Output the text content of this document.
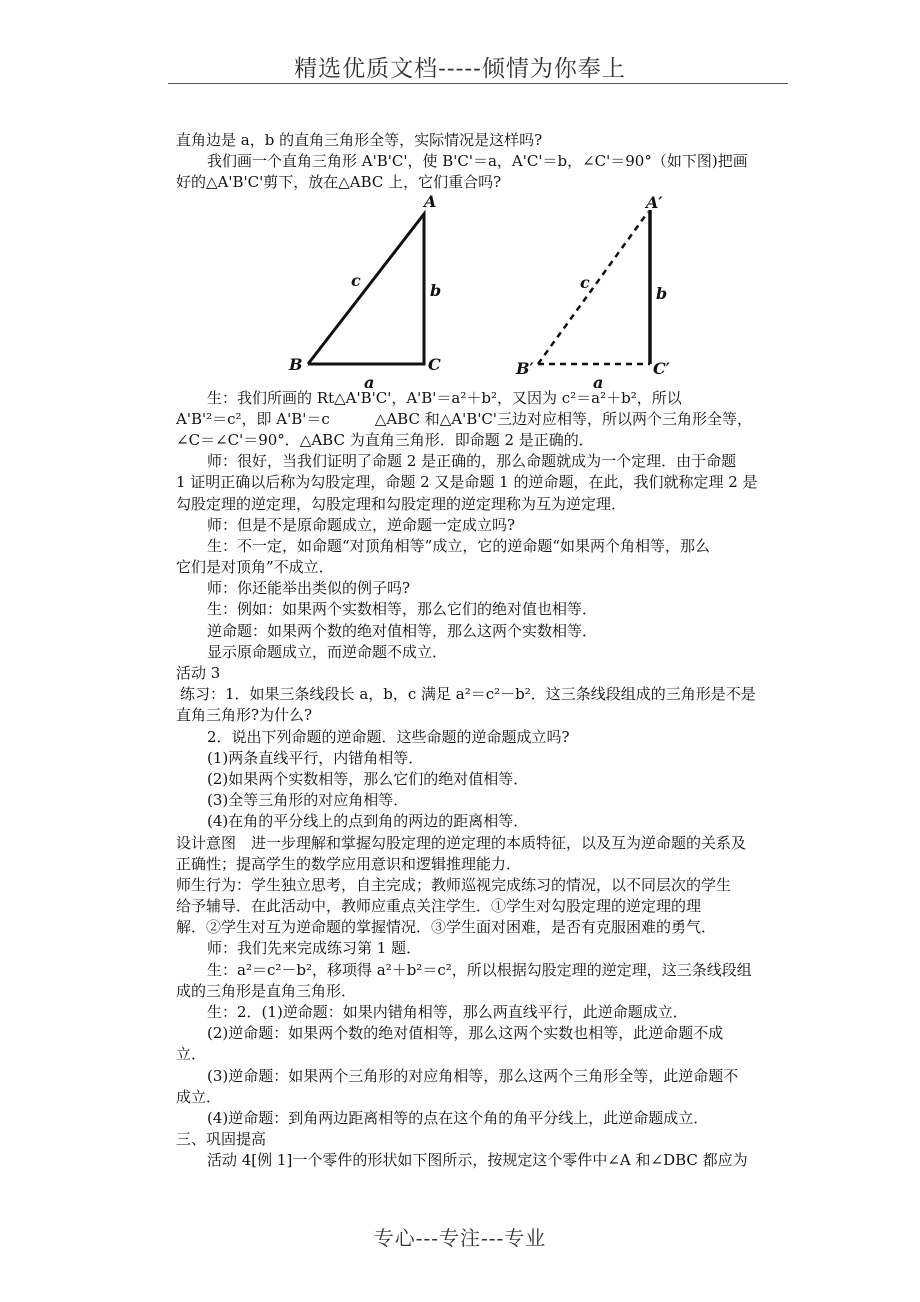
精选优质文档-----倾情为你奉上
直角边是 a，b 的直角三角形全等，实际情况是这样吗?
我们画一个直角三角形 A'B'C'，使 B'C'＝a，A'C'＝b，∠C'＝90°（如下图)把画
好的△A'B'C'剪下，放在△ABC 上，它们重合吗?
A
B	C
a
b
c
A′
B′	C′
a
b
c
生：我们所画的 Rt△A'B'C'，A'B'＝a²＋b²，又因为 c²＝a²＋b²，所以
A'B'²＝c²，即 A'B'＝c　　　△ABC 和△A'B'C'三边对应相等，所以两个三角形全等，
∠C＝∠C'＝90°．△ABC 为直角三角形．即命题 2 是正确的．
师：很好，当我们证明了命题 2 是正确的，那么命题就成为一个定理．由于命题
1 证明正确以后称为勾股定理，命题 2 又是命题 1 的逆命题，在此，我们就称定理 2 是
勾股定理的逆定理，勾股定理和勾股定理的逆定理称为互为逆定理．
师：但是不是原命题成立，逆命题一定成立吗?
生：不一定，如命题“对顶角相等”成立，它的逆命题“如果两个角相等，那么
它们是对顶角”不成立．
师：你还能举出类似的例子吗?
生：例如：如果两个实数相等，那么它们的绝对值也相等．
逆命题：如果两个数的绝对值相等，那么这两个实数相等．
显示原命题成立，而逆命题不成立．
活动 3
练习：1．如果三条线段长 a，b，c 满足 a²＝c²－b²．这三条线段组成的三角形是不是
直角三角形?为什么?
2．说出下列命题的逆命题．这些命题的逆命题成立吗?
(1)两条直线平行，内错角相等．
(2)如果两个实数相等，那么它们的绝对值相等．
(3)全等三角形的对应角相等．
(4)在角的平分线上的点到角的两边的距离相等．
设计意图　进一步理解和掌握勾股定理的逆定理的本质特征，以及互为逆命题的关系及
正确性；提高学生的数学应用意识和逻辑推理能力．
师生行为：学生独立思考，自主完成；教师巡视完成练习的情况，以不同层次的学生
给予辅导．在此活动中，教师应重点关注学生．①学生对勾股定理的逆定理的理
解．②学生对互为逆命题的掌握情况．③学生面对困难，是否有克服困难的勇气．
师：我们先来完成练习第 1 题．
生：a²＝c²－b²，移项得 a²＋b²＝c²，所以根据勾股定理的逆定理，这三条线段组
成的三角形是直角三角形．
生：2．(1)逆命题：如果内错角相等，那么两直线平行，此逆命题成立．
(2)逆命题：如果两个数的绝对值相等，那么这两个实数也相等，此逆命题不成
立．
(3)逆命题：如果两个三角形的对应角相等，那么这两个三角形全等，此逆命题不
成立．
(4)逆命题：到角两边距离相等的点在这个角的角平分线上，此逆命题成立．
三、巩固提高
活动 4[例 1]一个零件的形状如下图所示，按规定这个零件中∠A 和∠DBC 都应为
专心---专注---专业
